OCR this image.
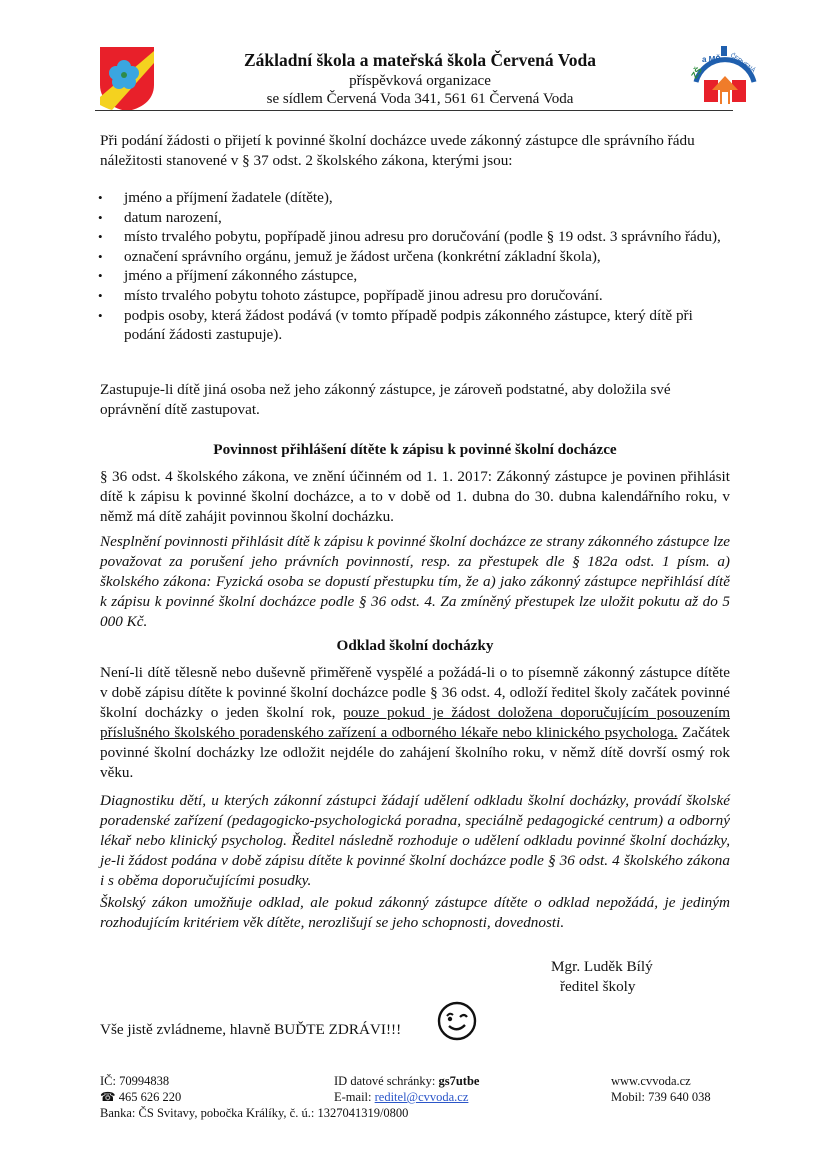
Základní škola a mateřská škola Červená Voda
příspěvková organizace
se sídlem Červená Voda 341, 561 61 Červená Voda
ZŠ
a MŠ ČERVENÁ
Při podání žádosti o přijetí k povinné školní docházce uvede zákonný zástupce dle správního řádu náležitosti stanovené v § 37 odst. 2 školského zákona, kterými jsou:
• jméno a příjmení žadatele (dítěte),
• datum narození,
• místo trvalého pobytu, popřípadě jinou adresu pro doručování (podle § 19 odst. 3 správního řádu),
• označení správního orgánu, jemuž je žádost určena (konkrétní základní škola),
• jméno a příjmení zákonného zástupce,
• místo trvalého pobytu tohoto zástupce, popřípadě jinou adresu pro doručování.
• podpis osoby, která žádost podává (v tomto případě podpis zákonného zástupce, který dítě při podání žádosti zastupuje).
Zastupuje-li dítě jiná osoba než jeho zákonný zástupce, je zároveň podstatné, aby doložila své oprávnění dítě zastupovat.
Povinnost přihlášení dítěte k zápisu k povinné školní docházce
§ 36 odst. 4 školského zákona, ve znění účinném od 1. 1. 2017: Zákonný zástupce je povinen přihlásit dítě k zápisu k povinné školní docházce, a to v době od 1. dubna do 30. dubna kalendářního roku, v němž má dítě zahájit povinnou školní docházku.
Nesplnění povinnosti přihlásit dítě k zápisu k povinné školní docházce ze strany zákonného zástupce lze považovat za porušení jeho právních povinností, resp. za přestupek dle § 182a odst. 1 písm. a) školského zákona: Fyzická osoba se dopustí přestupku tím, že a) jako zákonný zástupce nepřihlásí dítě k zápisu k povinné školní docházce podle § 36 odst. 4. Za zmíněný přestupek lze uložit pokutu až do 5 000 Kč.
Odklad školní docházky
Není-li dítě tělesně nebo duševně přiměřeně vyspělé a požádá-li o to písemně zákonný zástupce dítěte v době zápisu dítěte k povinné školní docházce podle § 36 odst. 4, odloží ředitel školy začátek povinné školní docházky o jeden školní rok, pouze pokud je žádost doložena doporučujícím posouzením příslušného školského poradenského zařízení a odborného lékaře nebo klinického psychologa. Začátek povinné školní docházky lze odložit nejdéle do zahájení školního roku, v němž dítě dovrší osmý rok věku.
Diagnostiku dětí, u kterých zákonní zástupci žádají udělení odkladu školní docházky, provádí školské poradenské zařízení (pedagogicko-psychologická poradna, speciálně pedagogické centrum) a odborný lékař nebo klinický psycholog. Ředitel následně rozhoduje o udělení odkladu povinné školní docházky, je-li žádost podána v době zápisu dítěte k povinné školní docházce podle § 36 odst. 4 školského zákona i s oběma doporučujícími posudky.
Školský zákon umožňuje odklad, ale pokud zákonný zástupce dítěte o odklad nepožádá, je jediným rozhodujícím kritériem věk dítěte, nerozlišují se jeho schopnosti, dovednosti.
Mgr. Luděk Bílý
ředitel školy
Vše jistě zvládneme, hlavně BUĎTE ZDRÁVI!!!
IČ: 70994838
☎ 465 626 220
Banka: ČS Svitavy, pobočka Králíky, č. ú.: 1327041319/0800
ID datové schránky: gs7utbe
E-mail: reditel@cvvoda.cz
www.cvvoda.cz
Mobil: 739 640 038
